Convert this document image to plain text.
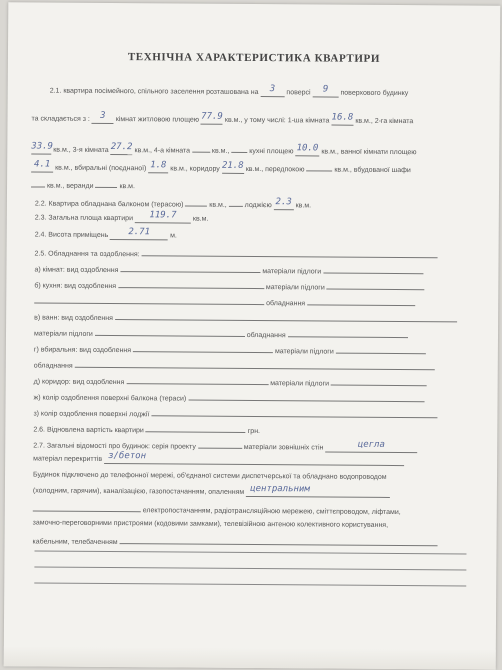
ТЕХНІЧНА ХАРАКТЕРИСТИКА КВАРТИРИ
2.1. квартира посімейного, спільного заселення розташована на 3 поверсі 9 поверхового будинку
та складається з : 3 кімнат житловою площею 77.9 кв.м., у тому числі: 1-ша кімната 16.8 кв.м., 2-га кімната
33.9 кв.м., 3-я кімната 27.2 кв.м., 4-а кімната	кв.м.,	кухні площею 10.0 кв.м., ванної кімнати площею
4.1 кв.м., вбиральні (поєднаної) 1.8 кв.м., коридору 21.8 кв.м., передпокою	кв.м., вбудованої шафи
кв.м., веранди	кв.м.
2.2. Квартира обладнана балконом (терасою)	кв.м.,	лоджією 2.3 кв.м.
2.3. Загальна площа квартири 119.7 кв.м.
2.4. Висота приміщень 2.71	м.
2.5. Обладнання та оздоблення:
а) кімнат: вид оздоблення	матеріали підлоги
б) кухня: вид оздоблення	матеріали підлоги
обладнання
в) ванн: вид оздоблення
матеріали підлоги	обладнання
г) вбиральня: вид оздоблення	матеріали підлоги
обладнання
д) коридор: вид оздоблення	матеріали підлоги
ж) колір оздоблення поверхні балкона (тераси)
з) колір оздоблення поверхні лоджії
2.6. Відновлена вартість квартири	грн.
2.7. Загальні відомості про будинок: серія проекту	матеріали зовнішніх стін	цегла
матеріал перекриттів з/бетон
Будинок підключено до телефонної мережі, об'єднаної системи диспетчерської та обладнано водопроводом
(холодним, гарячим), каналізацією, газопостачанням, опаленням центральним
електропостачанням, радіотрансляційною мережею, сміттєпроводом, ліфтами,
замочно-переговорними пристроями (кодовими замками), телевізійною антеною колективного користування,
кабельним, телебаченням
